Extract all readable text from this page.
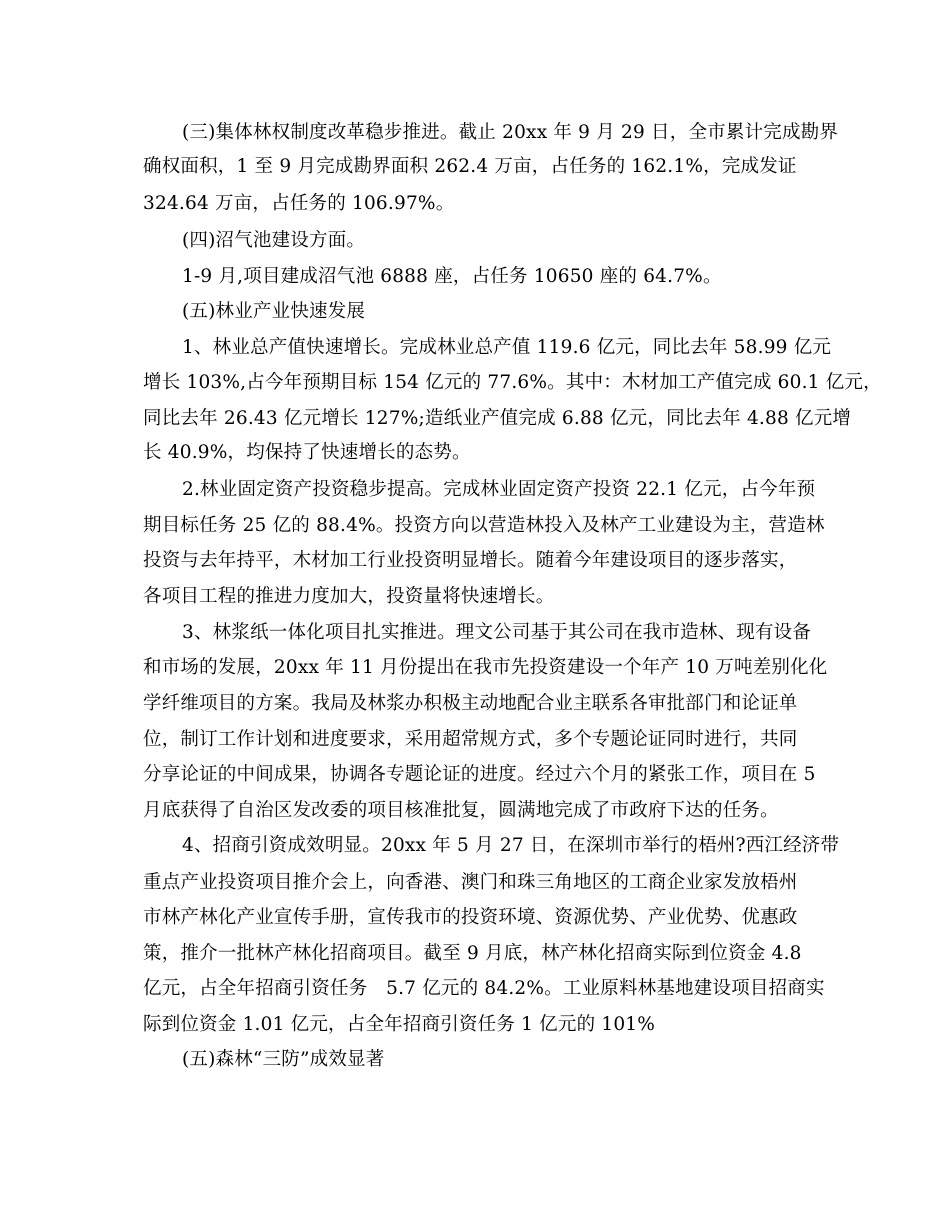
(三)集体林权制度改革稳步推进。截止 20xx 年 9 月 29 日，全市累计完成勘界
确权面积，1 至 9 月完成勘界面积 262.4 万亩，占任务的 162.1%，完成发证
324.64 万亩，占任务的 106.97%。
(四)沼气池建设方面。
1-9 月,项目建成沼气池 6888 座，占任务 10650 座的 64.7%。
(五)林业产业快速发展
1、林业总产值快速增长。完成林业总产值 119.6 亿元，同比去年 58.99 亿元
增长 103%,占今年预期目标 154 亿元的 77.6%。其中：木材加工产值完成 60.1 亿元，
同比去年 26.43 亿元增长 127%;造纸业产值完成 6.88 亿元，同比去年 4.88 亿元增
长 40.9%，均保持了快速增长的态势。
2.林业固定资产投资稳步提高。完成林业固定资产投资 22.1 亿元，占今年预
期目标任务 25 亿的 88.4%。投资方向以营造林投入及林产工业建设为主，营造林
投资与去年持平，木材加工行业投资明显增长。随着今年建设项目的逐步落实，
各项目工程的推进力度加大，投资量将快速增长。
3、林浆纸一体化项目扎实推进。理文公司基于其公司在我市造林、现有设备
和市场的发展，20xx 年 11 月份提出在我市先投资建设一个年产 10 万吨差别化化
学纤维项目的方案。我局及林浆办积极主动地配合业主联系各审批部门和论证单
位，制订工作计划和进度要求，采用超常规方式，多个专题论证同时进行，共同
分享论证的中间成果，协调各专题论证的进度。经过六个月的紧张工作，项目在 5
月底获得了自治区发改委的项目核准批复，圆满地完成了市政府下达的任务。
4、招商引资成效明显。20xx 年 5 月 27 日，在深圳市举行的梧州?西江经济带
重点产业投资项目推介会上，向香港、澳门和珠三角地区的工商企业家发放梧州
市林产林化产业宣传手册，宣传我市的投资环境、资源优势、产业优势、优惠政
策，推介一批林产林化招商项目。截至 9 月底，林产林化招商实际到位资金 4.8
亿元，占全年招商引资任务　5.7 亿元的 84.2%。工业原料林基地建设项目招商实
际到位资金 1.01 亿元，占全年招商引资任务 1 亿元的 101%
(五)森林“三防”成效显著
